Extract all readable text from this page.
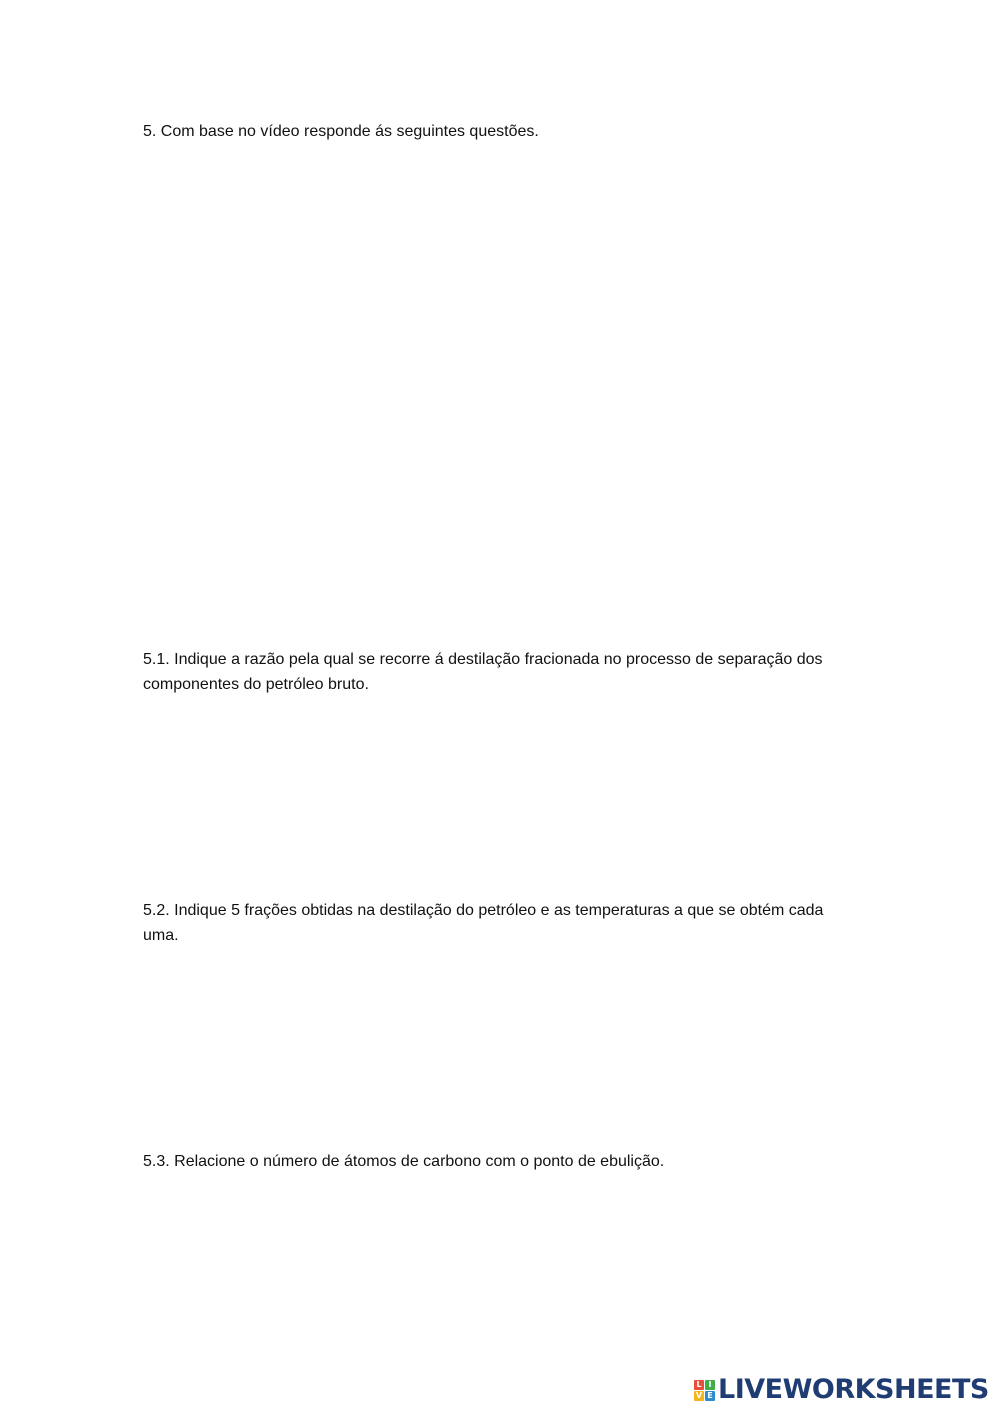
5. Com base no vídeo responde ás seguintes questões.

5.1. Indique a razão pela qual se recorre á destilação fracionada no processo de separação dos componentes do petróleo bruto.

5.2. Indique 5 frações obtidas na destilação do petróleo e as temperaturas a que se obtém cada uma.

5.3. Relacione o número de átomos de carbono com o ponto de ebulição.

L I
V E LIVEWORKSHEETS
